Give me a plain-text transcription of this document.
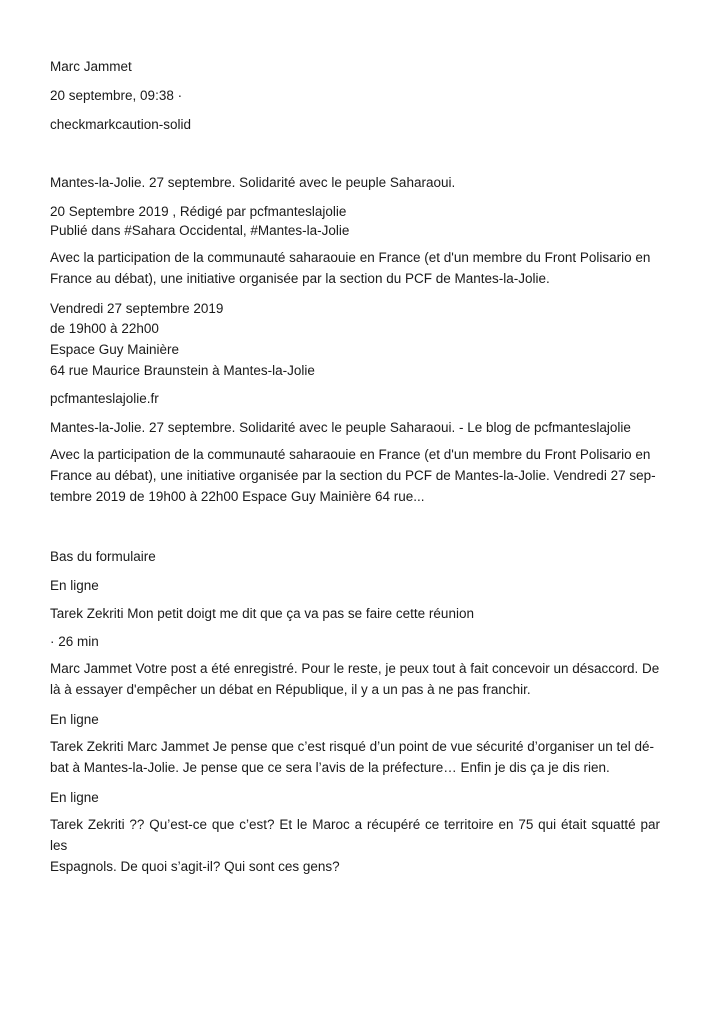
Marc Jammet
20 septembre, 09:38 ·
checkmarkcaution-solid
Mantes-la-Jolie. 27 septembre. Solidarité avec le peuple Saharaoui.
20 Septembre 2019 , Rédigé par pcfmanteslajolie
Publié dans #Sahara Occidental, #Mantes-la-Jolie
Avec la participation de la communauté saharaouie en France (et d'un membre du Front Polisario en
France au débat), une initiative organisée par la section du PCF de Mantes-la-Jolie.
Vendredi 27 septembre 2019
de 19h00 à 22h00
Espace Guy Mainière
64 rue Maurice Braunstein à Mantes-la-Jolie
pcfmanteslajolie.fr
Mantes-la-Jolie. 27 septembre. Solidarité avec le peuple Saharaoui. - Le blog de pcfmanteslajolie
Avec la participation de la communauté saharaouie en France (et d'un membre du Front Polisario en
France au débat), une initiative organisée par la section du PCF de Mantes-la-Jolie. Vendredi 27 sep-
tembre 2019 de 19h00 à 22h00 Espace Guy Mainière 64 rue...
Bas du formulaire
En ligne
Tarek Zekriti Mon petit doigt me dit que ça va pas se faire cette réunion
· 26 min
Marc Jammet Votre post a été enregistré. Pour le reste, je peux tout à fait concevoir un désaccord. De
là à essayer d'empêcher un débat en République, il y a un pas à ne pas franchir.
En ligne
Tarek Zekriti Marc Jammet Je pense que c’est risqué d’un point de vue sécurité d’organiser un tel dé-
bat à Mantes-la-Jolie. Je pense que ce sera l’avis de la préfecture… Enfin je dis ça je dis rien.
En ligne
Tarek Zekriti ?? Qu’est-ce que c’est? Et le Maroc a récupéré ce territoire en 75 qui était squatté par les
Espagnols. De quoi s’agit-il? Qui sont ces gens?
